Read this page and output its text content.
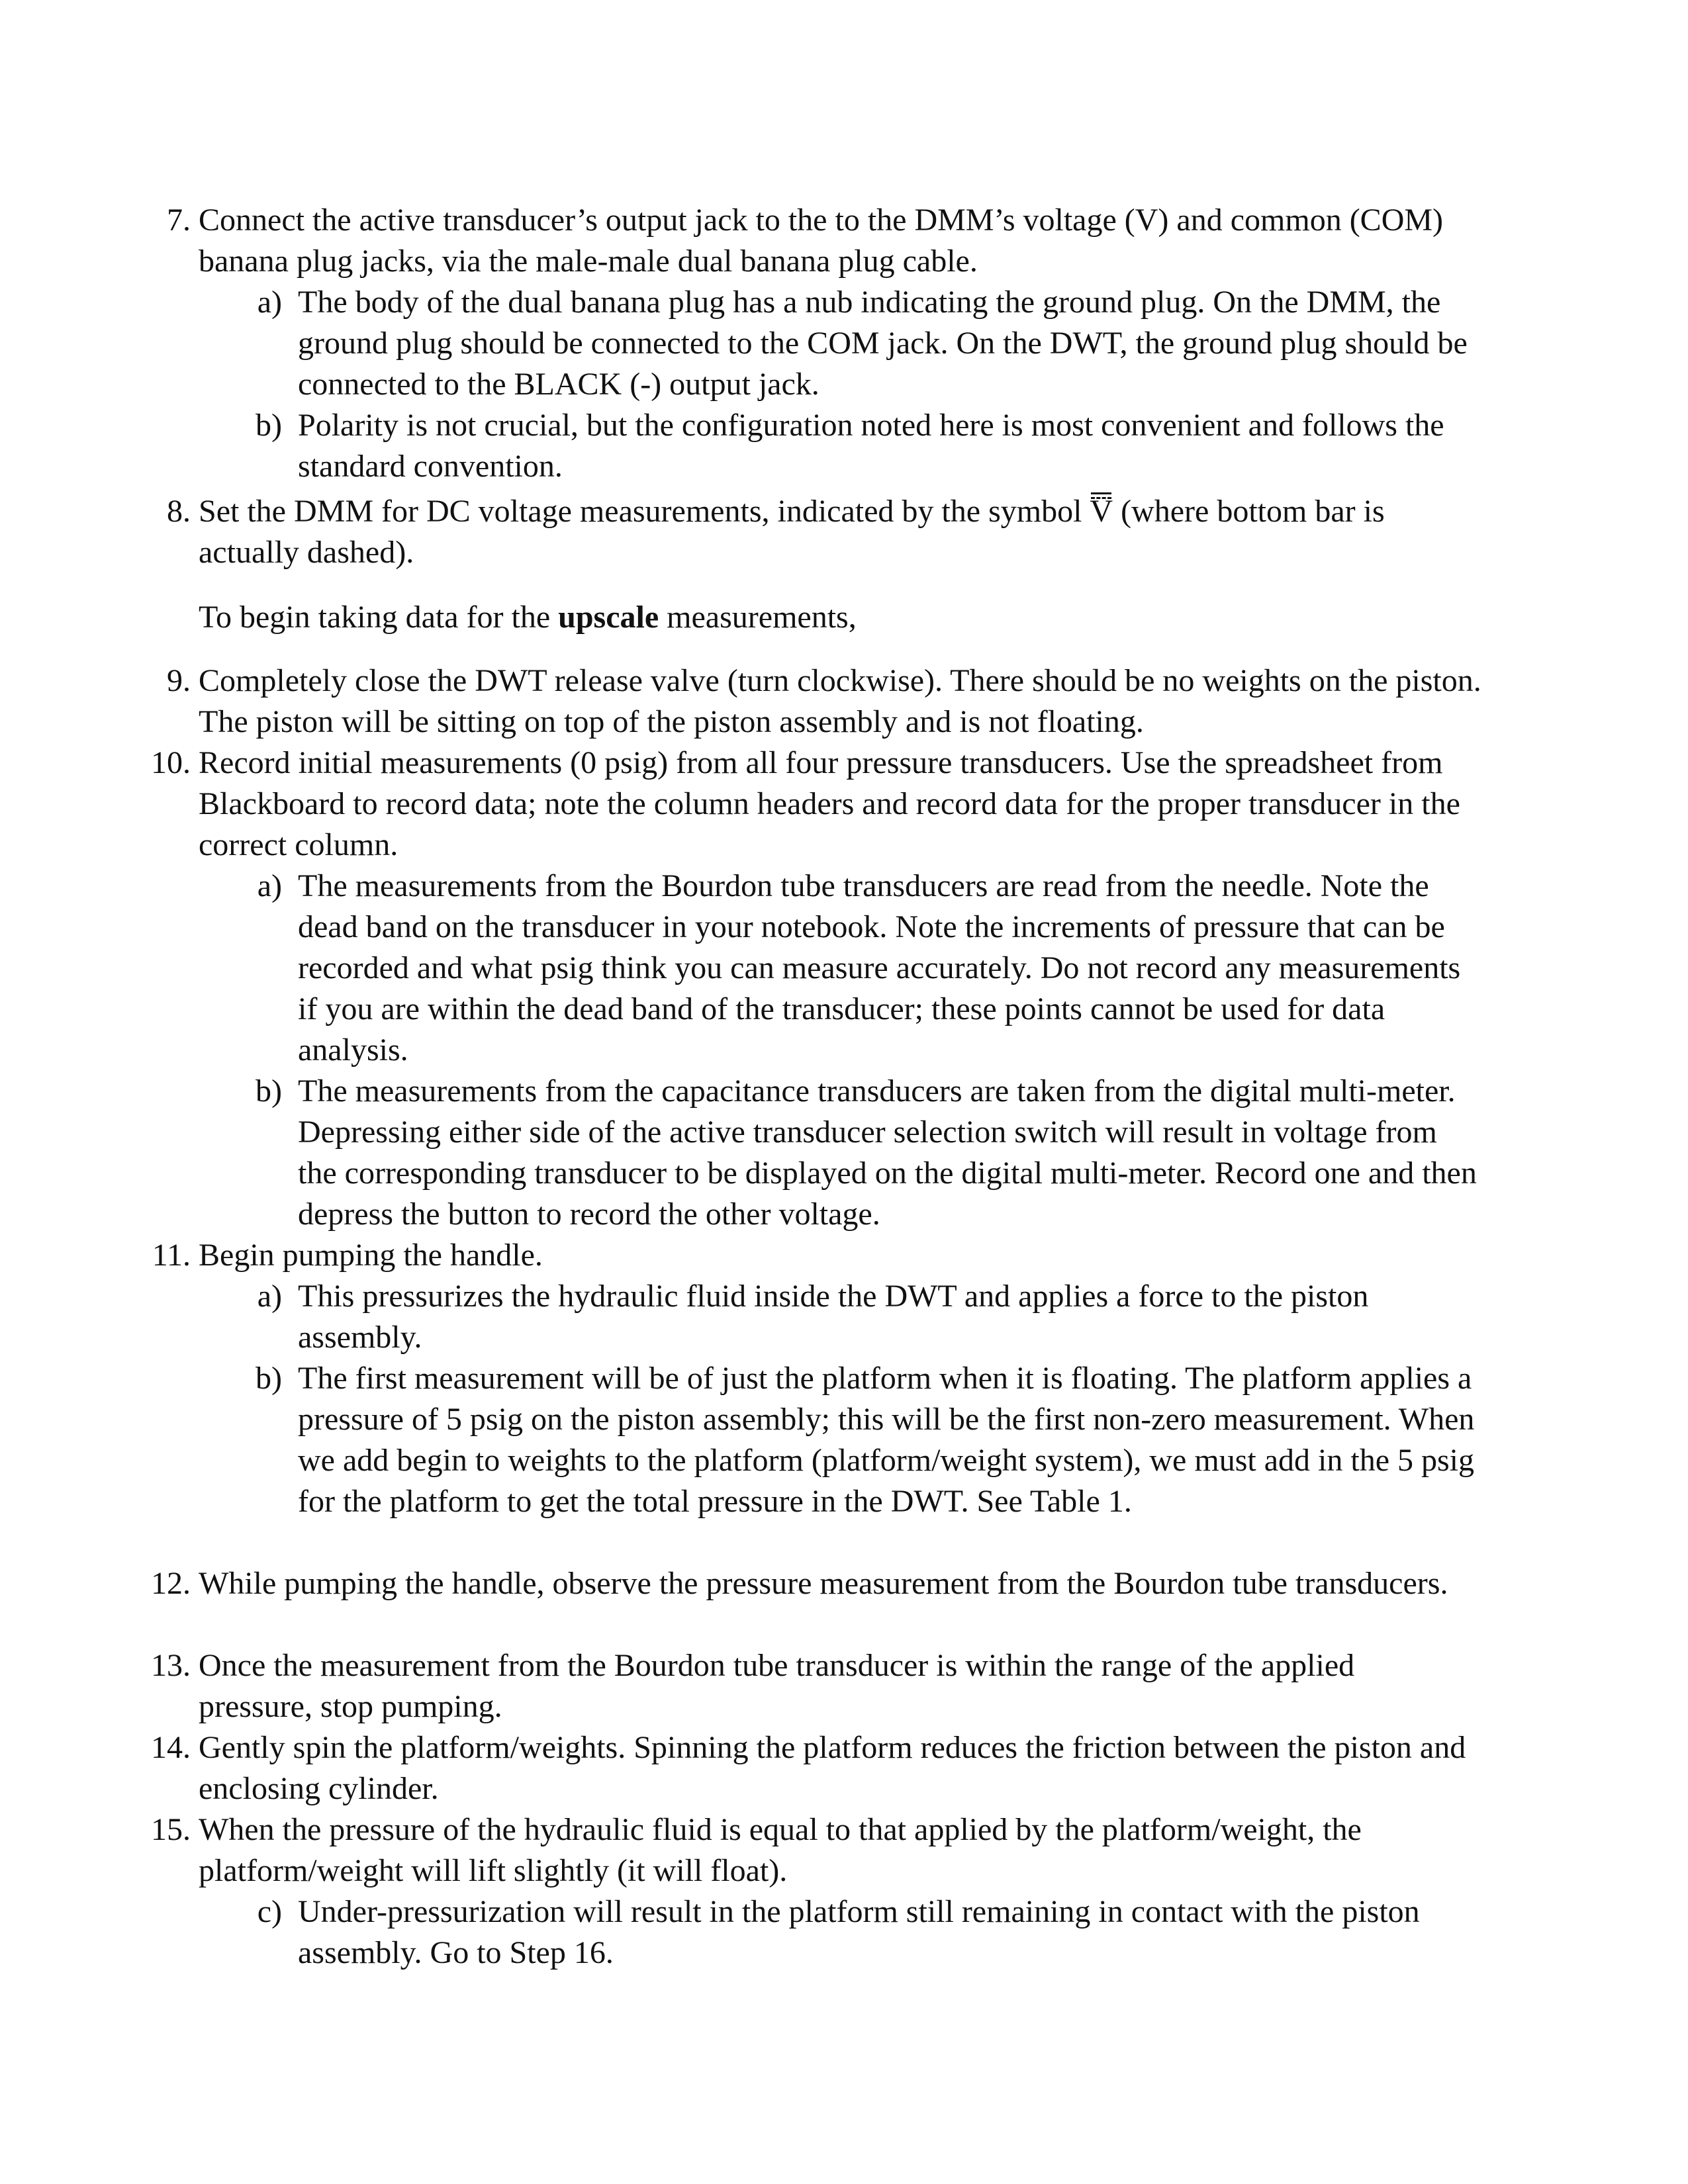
7. Connect the active transducer’s output jack to the to the DMM’s voltage (V) and common (COM) banana plug jacks, via the male-male dual banana plug cable.
a) The body of the dual banana plug has a nub indicating the ground plug. On the DMM, the ground plug should be connected to the COM jack. On the DWT, the ground plug should be connected to the BLACK (-) output jack.
b) Polarity is not crucial, but the configuration noted here is most convenient and follows the standard convention.
8. Set the DMM for DC voltage measurements, indicated by the symbol V (where bottom bar is actually dashed).
To begin taking data for the upscale measurements,
9. Completely close the DWT release valve (turn clockwise). There should be no weights on the piston. The piston will be sitting on top of the piston assembly and is not floating.
10. Record initial measurements (0 psig) from all four pressure transducers. Use the spreadsheet from Blackboard to record data; note the column headers and record data for the proper transducer in the correct column.
a) The measurements from the Bourdon tube transducers are read from the needle. Note the dead band on the transducer in your notebook. Note the increments of pressure that can be recorded and what psig think you can measure accurately. Do not record any measurements if you are within the dead band of the transducer; these points cannot be used for data analysis.
b) The measurements from the capacitance transducers are taken from the digital multi-meter. Depressing either side of the active transducer selection switch will result in voltage from the corresponding transducer to be displayed on the digital multi-meter. Record one and then depress the button to record the other voltage.
11. Begin pumping the handle.
a) This pressurizes the hydraulic fluid inside the DWT and applies a force to the piston assembly.
b) The first measurement will be of just the platform when it is floating. The platform applies a pressure of 5 psig on the piston assembly; this will be the first non-zero measurement. When we add begin to weights to the platform (platform/weight system), we must add in the 5 psig for the platform to get the total pressure in the DWT. See Table 1.
12. While pumping the handle, observe the pressure measurement from the Bourdon tube transducers.
13. Once the measurement from the Bourdon tube transducer is within the range of the applied pressure, stop pumping.
14. Gently spin the platform/weights. Spinning the platform reduces the friction between the piston and enclosing cylinder.
15. When the pressure of the hydraulic fluid is equal to that applied by the platform/weight, the platform/weight will lift slightly (it will float).
c) Under-pressurization will result in the platform still remaining in contact with the piston assembly. Go to Step 16.
